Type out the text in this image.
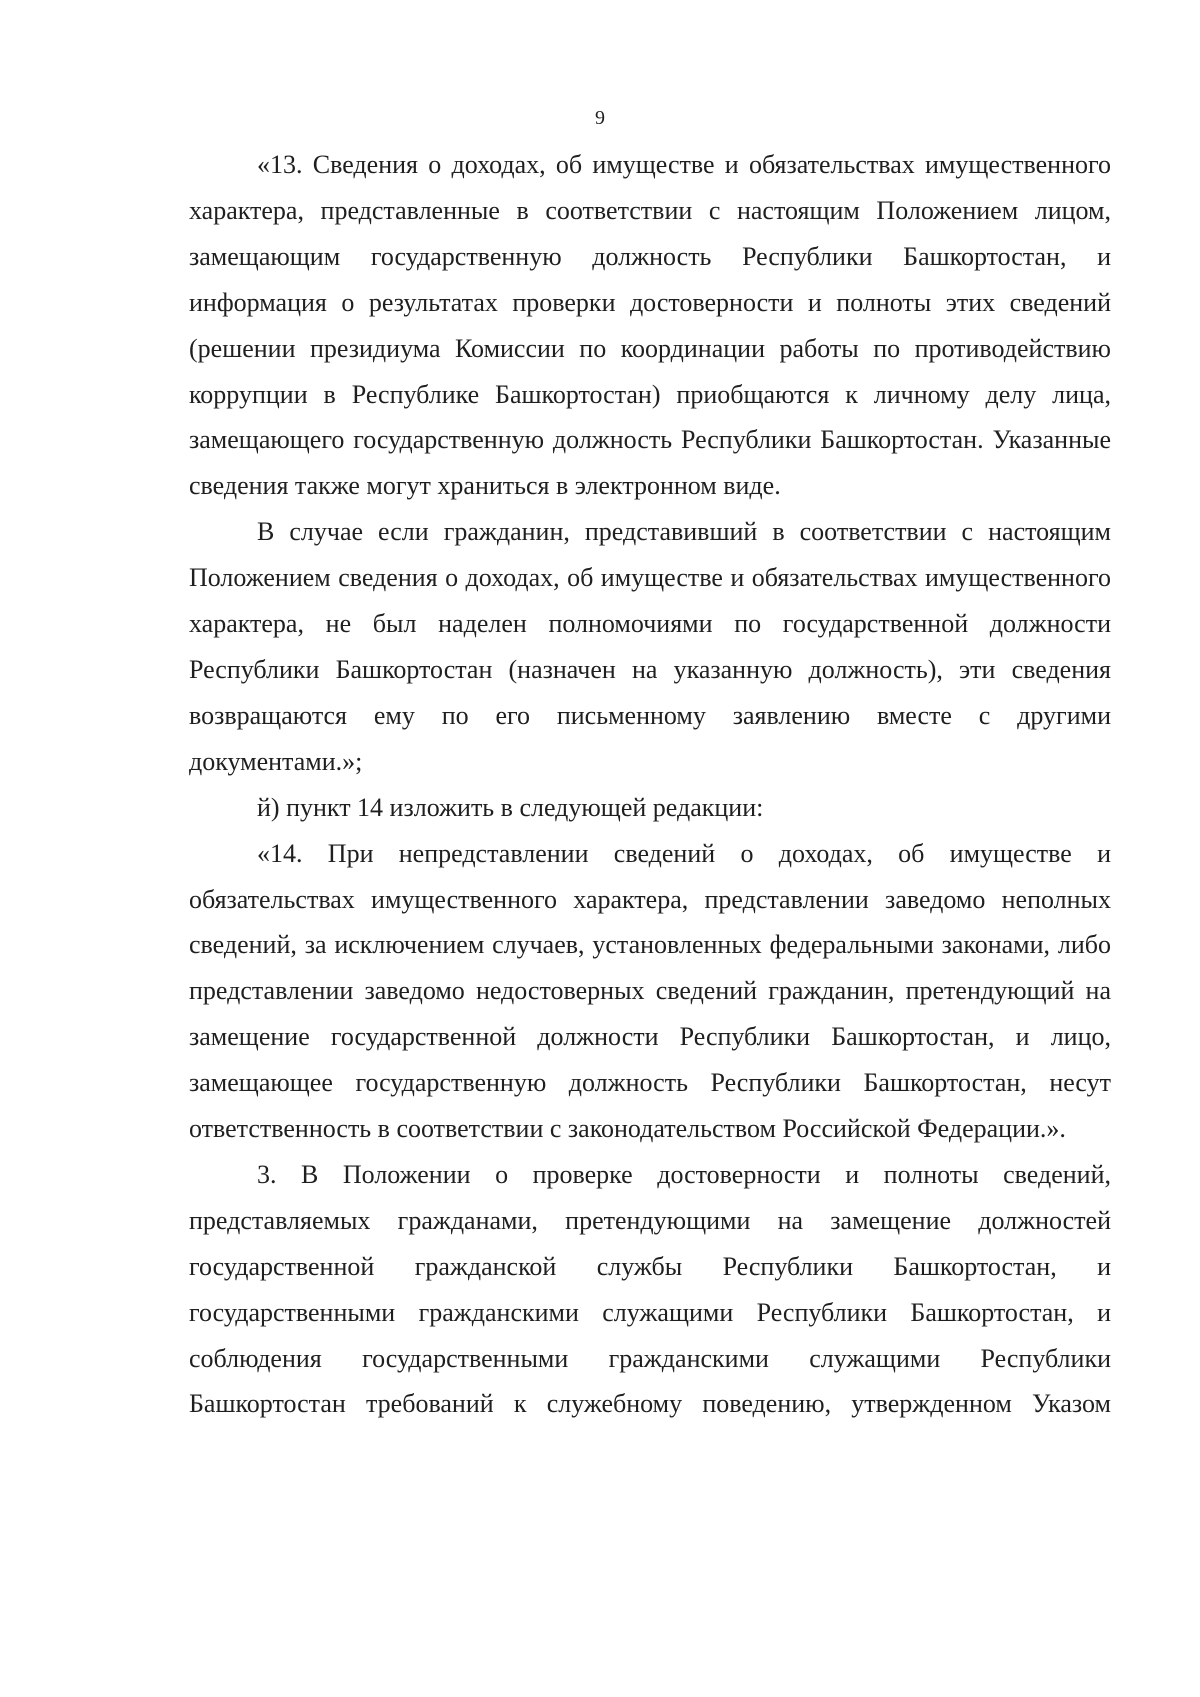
9

«13. Сведения о доходах, об имуществе и обязательствах имущественного характера, представленные в соответствии с настоящим Положением лицом, замещающим государственную должность Республики Башкортостан, и информация о результатах проверки достоверности и полноты этих сведений (решении президиума Комиссии по координации работы по противодействию коррупции в Республике Башкортостан) приобщаются к личному делу лица, замещающего государственную должность Республики Башкортостан. Указанные сведения также могут храниться в электронном виде.

В случае если гражданин, представивший в соответствии с настоящим Положением сведения о доходах, об имуществе и обязательствах имущественного характера, не был наделен полномочиями по государственной должности Республики Башкортостан (назначен на указанную должность), эти сведения возвращаются ему по его письменному заявлению вместе с другими документами.»;

й) пункт 14 изложить в следующей редакции:

«14. При непредставлении сведений о доходах, об имуществе и обязательствах имущественного характера, представлении заведомо неполных сведений, за исключением случаев, установленных федеральными законами, либо представлении заведомо недостоверных сведений гражданин, претендующий на замещение государственной должности Республики Башкортостан, и лицо, замещающее государственную должность Республики Башкортостан, несут ответственность в соответствии с законодательством Российской Федерации.».

3. В Положении о проверке достоверности и полноты сведений, представляемых гражданами, претендующими на замещение должностей государственной гражданской службы Республики Башкортостан, и государственными гражданскими служащими Республики Башкортостан, и соблюдения государственными гражданскими служащими Республики Башкортостан требований к служебному поведению, утвержденном Указом
